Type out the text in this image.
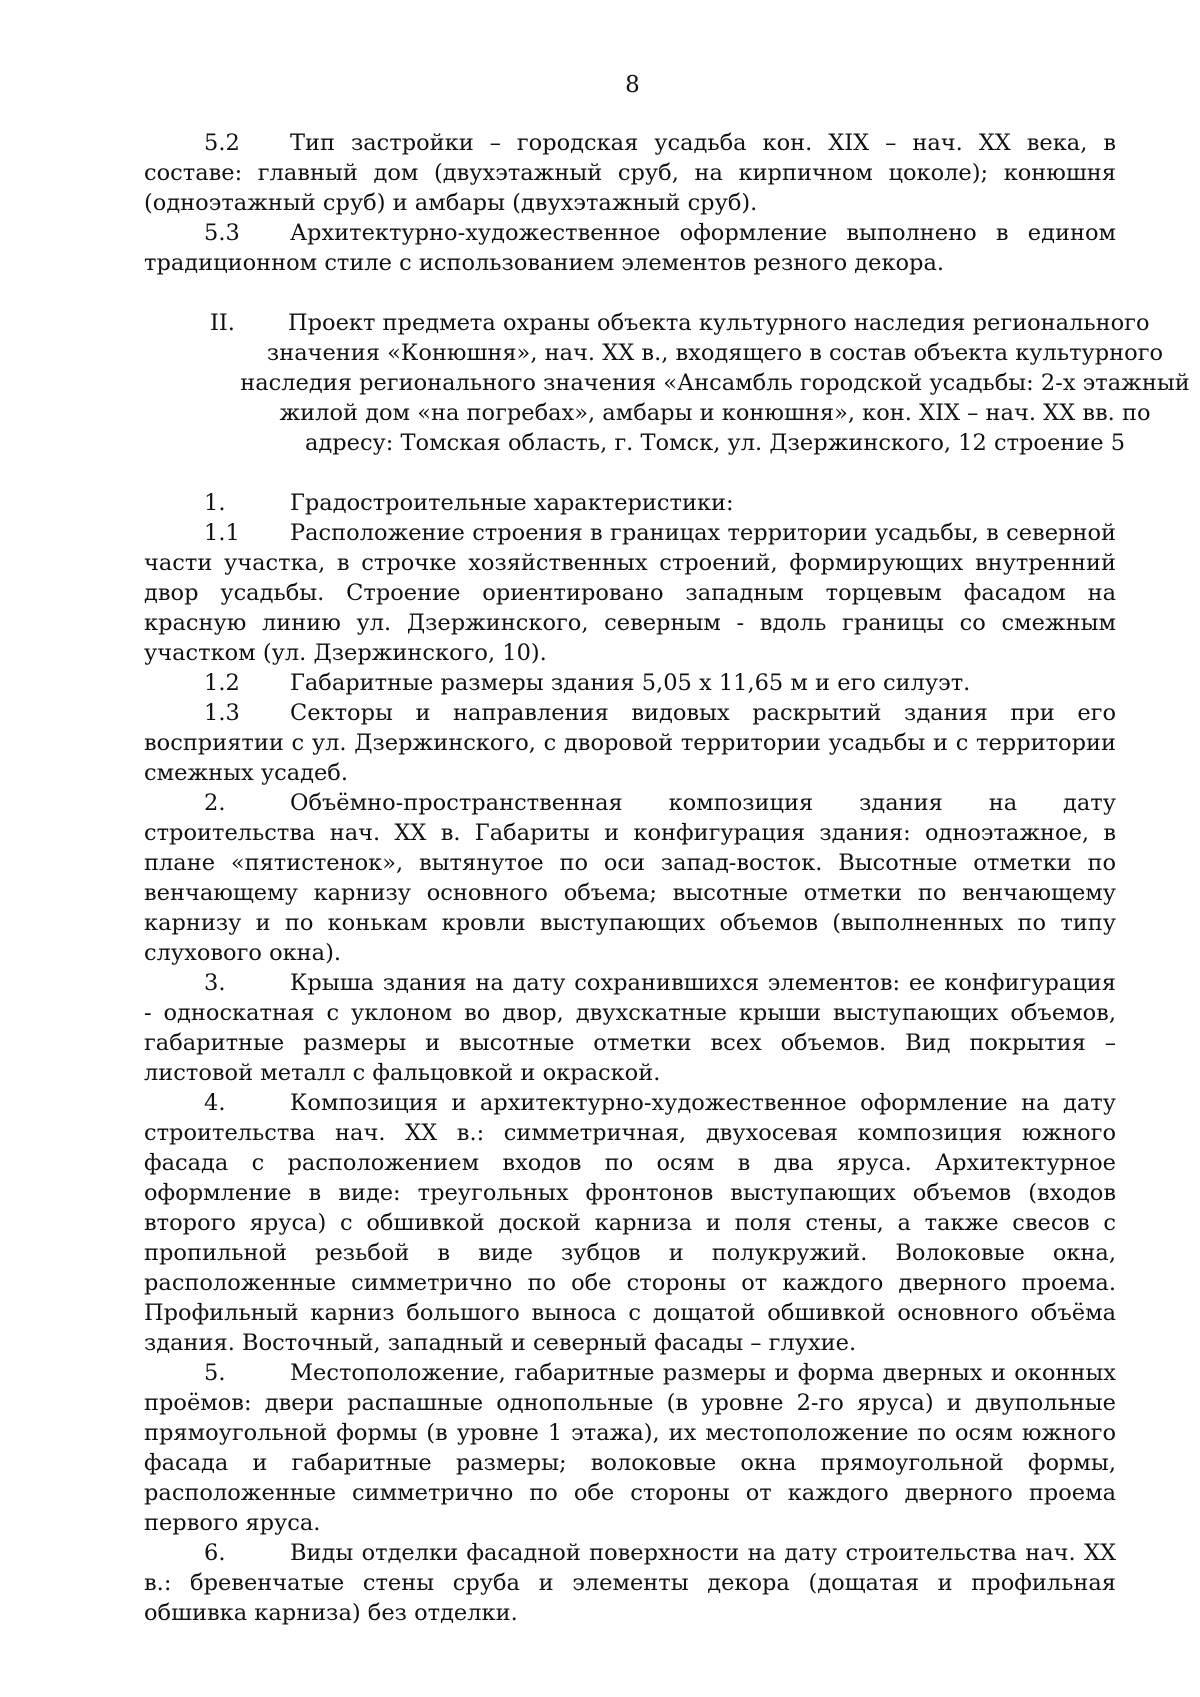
8

5.2 Тип застройки – городская усадьба кон. XIX – нач. XX века, в составе: главный дом (двухэтажный сруб, на кирпичном цоколе); конюшня (одноэтажный сруб) и амбары (двухэтажный сруб).

5.3 Архитектурно-художественное оформление выполнено в едином традиционном стиле с использованием элементов резного декора.

II.	Проект предмета охраны объекта культурного наследия регионального

значения «Конюшня», нач. XX в., входящего в состав объекта культурного наследия регионального значения «Ансамбль городской усадьбы: 2-х этажный жилой дом «на погребах», амбары и конюшня», кон. XIX – нач. XX вв. по адресу: Томская область, г. Томск, ул. Дзержинского, 12 строение 5

1.	Градостроительные характеристики:

1.1 Расположение строения в границах территории усадьбы, в северной части участка, в строчке хозяйственных строений, формирующих внутренний двор усадьбы. Строение ориентировано западным торцевым фасадом на красную линию ул. Дзержинского, северным - вдоль границы со смежным участком (ул. Дзержинского, 10).

1.2 Габаритные размеры здания 5,05 х 11,65 м и его силуэт.

1.3 Секторы и направления видовых раскрытий здания при его восприятии с ул. Дзержинского, с дворовой территории усадьбы и с территории смежных усадеб.

2.	Объёмно-пространственная композиция здания на дату строительства нач. XX в. Габариты и конфигурация здания: одноэтажное, в плане «пятистенок», вытянутое по оси запад-восток. Высотные отметки по венчающему карнизу основного объема; высотные отметки по венчающему карнизу и по конькам кровли выступающих объемов (выполненных по типу слухового окна).

3.	Крыша здания на дату сохранившихся элементов: ее конфигурация - односкатная с уклоном во двор, двухскатные крыши выступающих объемов, габаритные размеры и высотные отметки всех объемов. Вид покрытия – листовой металл с фальцовкой и окраской.

4.	Композиция и архитектурно-художественное оформление на дату строительства нач. XX в.: симметричная, двухосевая композиция южного фасада с расположением входов по осям в два яруса. Архитектурное оформление в виде: треугольных фронтонов выступающих объемов (входов второго яруса) с обшивкой доской карниза и поля стены, а также свесов с пропильной резьбой в виде зубцов и полукружий. Волоковые окна, расположенные симметрично по обе стороны от каждого дверного проема. Профильный карниз большого выноса с дощатой обшивкой основного объёма здания. Восточный, западный и северный фасады – глухие.

5.	Местоположение, габаритные размеры и форма дверных и оконных проёмов: двери распашные однопольные (в уровне 2-го яруса) и двупольные прямоугольной формы (в уровне 1 этажа), их местоположение по осям южного фасада и габаритные размеры; волоковые окна прямоугольной формы, расположенные симметрично по обе стороны от каждого дверного проема первого яруса.

6.	Виды отделки фасадной поверхности на дату строительства нач. XX в.: бревенчатые стены сруба и элементы декора (дощатая и профильная обшивка карниза) без отделки.
